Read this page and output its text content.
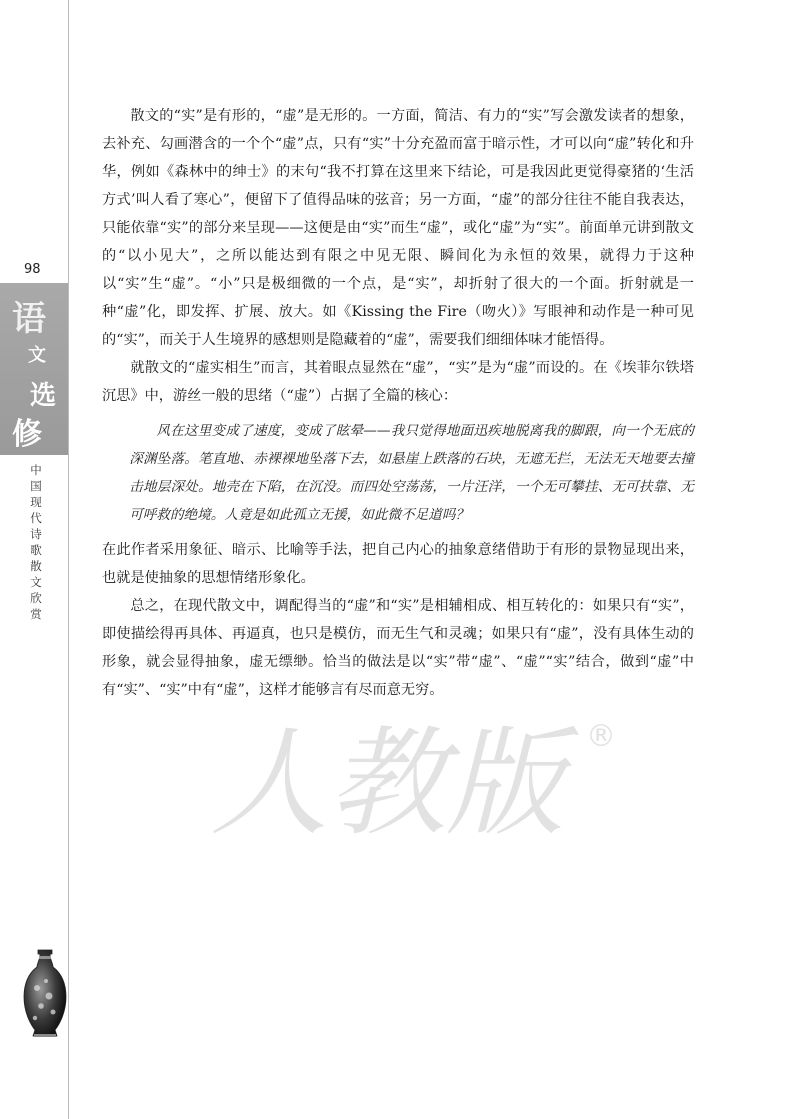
98
语
文
选
修
中
国
现
代
诗
歌
散
文
欣
赏

散文的“实”是有形的，“虚”是无形的。一方面，简洁、有力的“实”写会激发读者的想象，去补充、勾画潜含的一个个“虚”点，只有“实”十分充盈而富于暗示性，才可以向“虚”转化和升华，例如《森林中的绅士》的末句“我不打算在这里来下结论，可是我因此更觉得豪猪的‘生活方式’叫人看了寒心”，便留下了值得品味的弦音；另一方面，“虚”的部分往往不能自我表达，只能依靠“实”的部分来呈现——这便是由“实”而生“虚”，或化“虚”为“实”。前面单元讲到散文的“以小见大”，之所以能达到有限之中见无限、瞬间化为永恒的效果，就得力于这种以“实”生“虚”。“小”只是极细微的一个点，是“实”，却折射了很大的一个面。折射就是一种“虚”化，即发挥、扩展、放大。如《Kissing the Fire（吻火）》写眼神和动作是一种可见的“实”，而关于人生境界的感想则是隐藏着的“虚”，需要我们细细体味才能悟得。

就散文的“虚实相生”而言，其着眼点显然在“虚”，“实”是为“虚”而设的。在《埃菲尔铁塔沉思》中，游丝一般的思绪（“虚”）占据了全篇的核心：

风在这里变成了速度，变成了眩晕——我只觉得地面迅疾地脱离我的脚跟，向一个无底的深渊坠落。笔直地、赤裸裸地坠落下去，如悬崖上跌落的石块，无遮无拦，无法无天地要去撞击地层深处。地壳在下陷，在沉没。而四处空荡荡，一片汪洋，一个无可攀挂、无可扶靠、无可呼救的绝境。人竟是如此孤立无援，如此微不足道吗？

在此作者采用象征、暗示、比喻等手法，把自己内心的抽象意绪借助于有形的景物显现出来，也就是使抽象的思想情绪形象化。

总之，在现代散文中，调配得当的“虚”和“实”是相辅相成、相互转化的：如果只有“实”，即使描绘得再具体、再逼真，也只是模仿，而无生气和灵魂；如果只有“虚”，没有具体生动的形象，就会显得抽象，虚无缥缈。恰当的做法是以“实”带“虚”、“虚”“实”结合，做到“虚”中有“实”、“实”中有“虚”，这样才能够言有尽而意无穷。

人教版 ®
